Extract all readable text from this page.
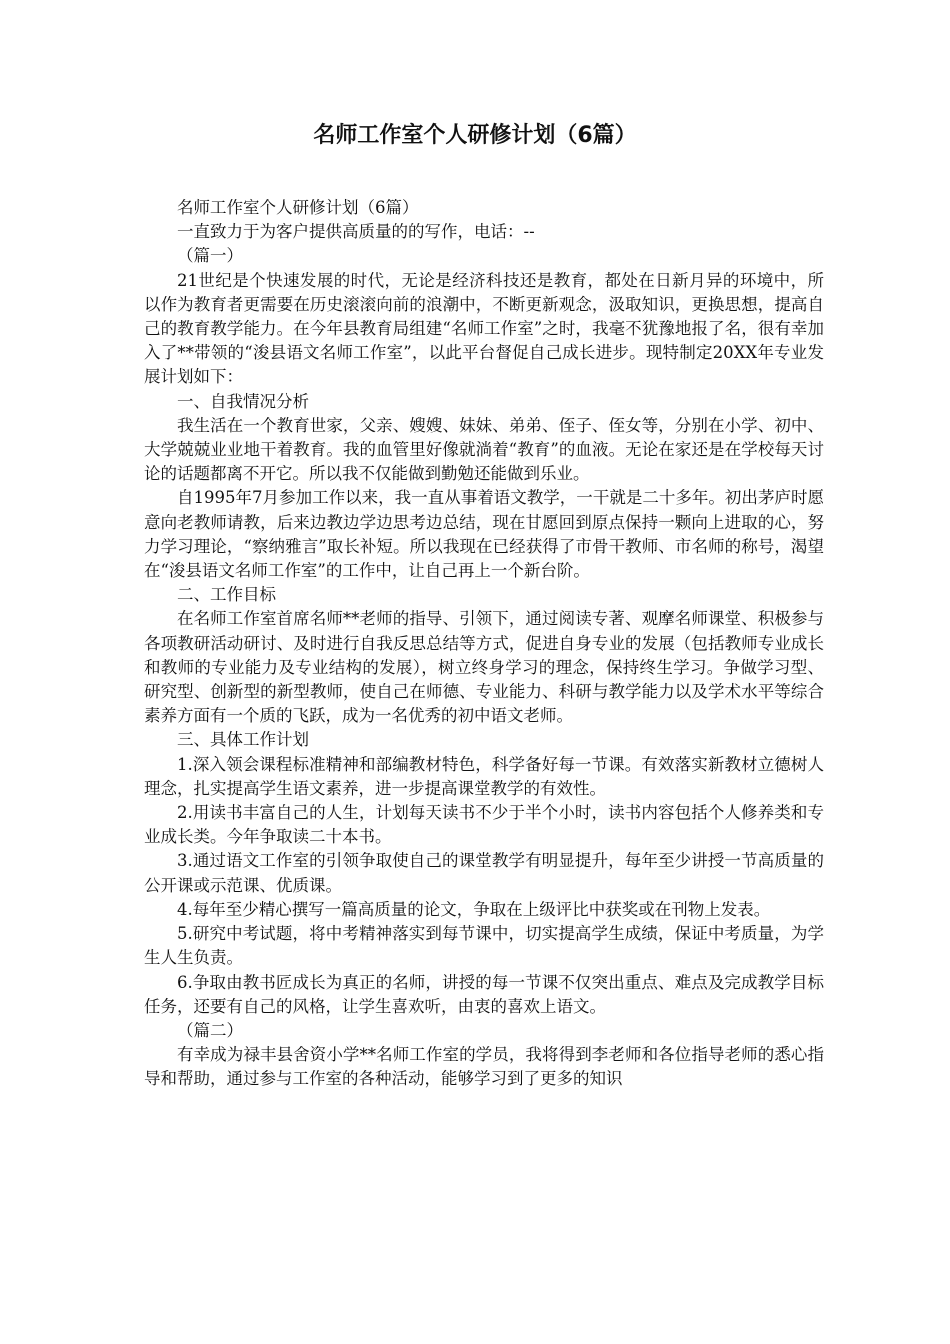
名师工作室个人研修计划（6篇）

名师工作室个人研修计划（6篇）

一直致力于为客户提供高质量的的写作，电话：--

（篇一）

21世纪是个快速发展的时代，无论是经济科技还是教育，都处在日新月异的环境中，所以作为教育者更需要在历史滚滚向前的浪潮中，不断更新观念，汲取知识，更换思想，提高自己的教育教学能力。在今年县教育局组建“名师工作室”之时，我毫不犹豫地报了名，很有幸加入了**带领的“浚县语文名师工作室”，以此平台督促自己成长进步。现特制定20XX年专业发展计划如下：

一、自我情况分析

我生活在一个教育世家，父亲、嫂嫂、妹妹、弟弟、侄子、侄女等，分别在小学、初中、大学兢兢业业地干着教育。我的血管里好像就淌着“教育”的血液。无论在家还是在学校每天讨论的话题都离不开它。所以我不仅能做到勤勉还能做到乐业。

自1995年7月参加工作以来，我一直从事着语文教学，一干就是二十多年。初出茅庐时愿意向老教师请教，后来边教边学边思考边总结，现在甘愿回到原点保持一颗向上进取的心，努力学习理论，“察纳雅言”取长补短。所以我现在已经获得了市骨干教师、市名师的称号，渴望在“浚县语文名师工作室”的工作中，让自己再上一个新台阶。

二、工作目标

在名师工作室首席名师**老师的指导、引领下，通过阅读专著、观摩名师课堂、积极参与各项教研活动研讨、及时进行自我反思总结等方式，促进自身专业的发展（包括教师专业成长和教师的专业能力及专业结构的发展），树立终身学习的理念，保持终生学习。争做学习型、研究型、创新型的新型教师，使自己在师德、专业能力、科研与教学能力以及学术水平等综合素养方面有一个质的飞跃，成为一名优秀的初中语文老师。

三、具体工作计划

1.深入领会课程标准精神和部编教材特色，科学备好每一节课。有效落实新教材立德树人理念，扎实提高学生语文素养，进一步提高课堂教学的有效性。

2.用读书丰富自己的人生，计划每天读书不少于半个小时，读书内容包括个人修养类和专业成长类。今年争取读二十本书。

3.通过语文工作室的引领争取使自己的课堂教学有明显提升，每年至少讲授一节高质量的公开课或示范课、优质课。

4.每年至少精心撰写一篇高质量的论文，争取在上级评比中获奖或在刊物上发表。

5.研究中考试题，将中考精神落实到每节课中，切实提高学生成绩，保证中考质量，为学生人生负责。

6.争取由教书匠成长为真正的名师，讲授的每一节课不仅突出重点、难点及完成教学目标任务，还要有自己的风格，让学生喜欢听，由衷的喜欢上语文。

（篇二）

有幸成为禄丰县舍资小学**名师工作室的学员，我将得到李老师和各位指导老师的悉心指导和帮助，通过参与工作室的各种活动，能够学习到了更多的知识
